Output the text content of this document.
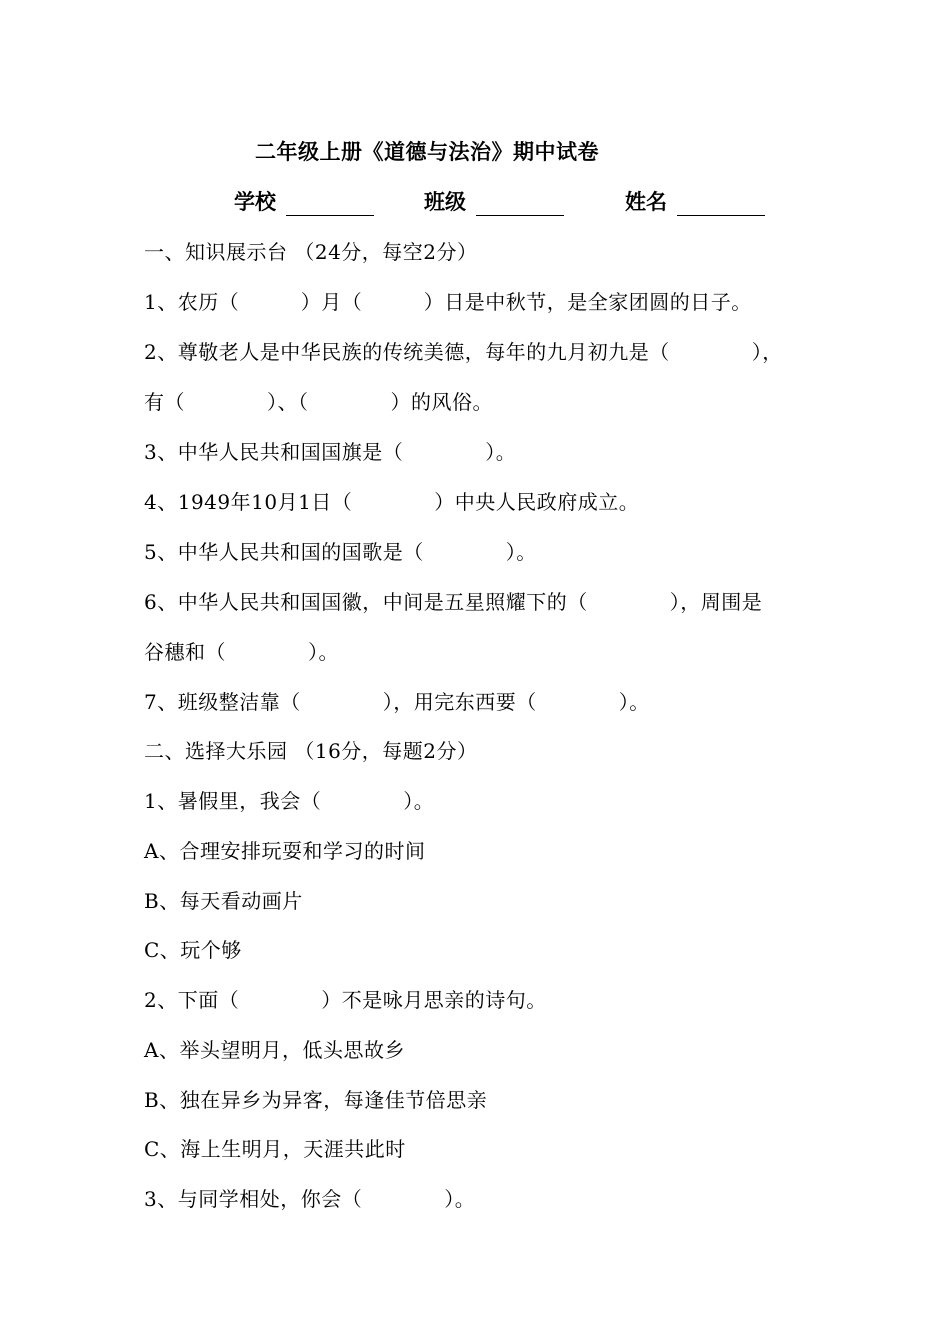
二年级上册《道德与法治》期中试卷
学校	班级	姓名
一、知识展示台 （24分，每空2分）
1、农历（　　　）月（　　　）日是中秋节，是全家团圆的日子。
2、尊敬老人是中华民族的传统美德，每年的九月初九是（　　　　），
有（　　　　）、（　　　　）的风俗。
3、中华人民共和国国旗是（　　　　）。
4、1949年10月1日（　　　　）中央人民政府成立。
5、中华人民共和国的国歌是（　　　　）。
6、中华人民共和国国徽，中间是五星照耀下的（　　　　），周围是
谷穗和（　　　　）。
7、班级整洁靠（　　　　），用完东西要（　　　　）。
二、选择大乐园 （16分，每题2分）
1、暑假里，我会（　　　　）。
A、合理安排玩耍和学习的时间
B、每天看动画片
C、玩个够
2、下面（　　　　）不是咏月思亲的诗句。
A、举头望明月，低头思故乡
B、独在异乡为异客，每逢佳节倍思亲
C、海上生明月，天涯共此时
3、与同学相处，你会（　　　　）。
